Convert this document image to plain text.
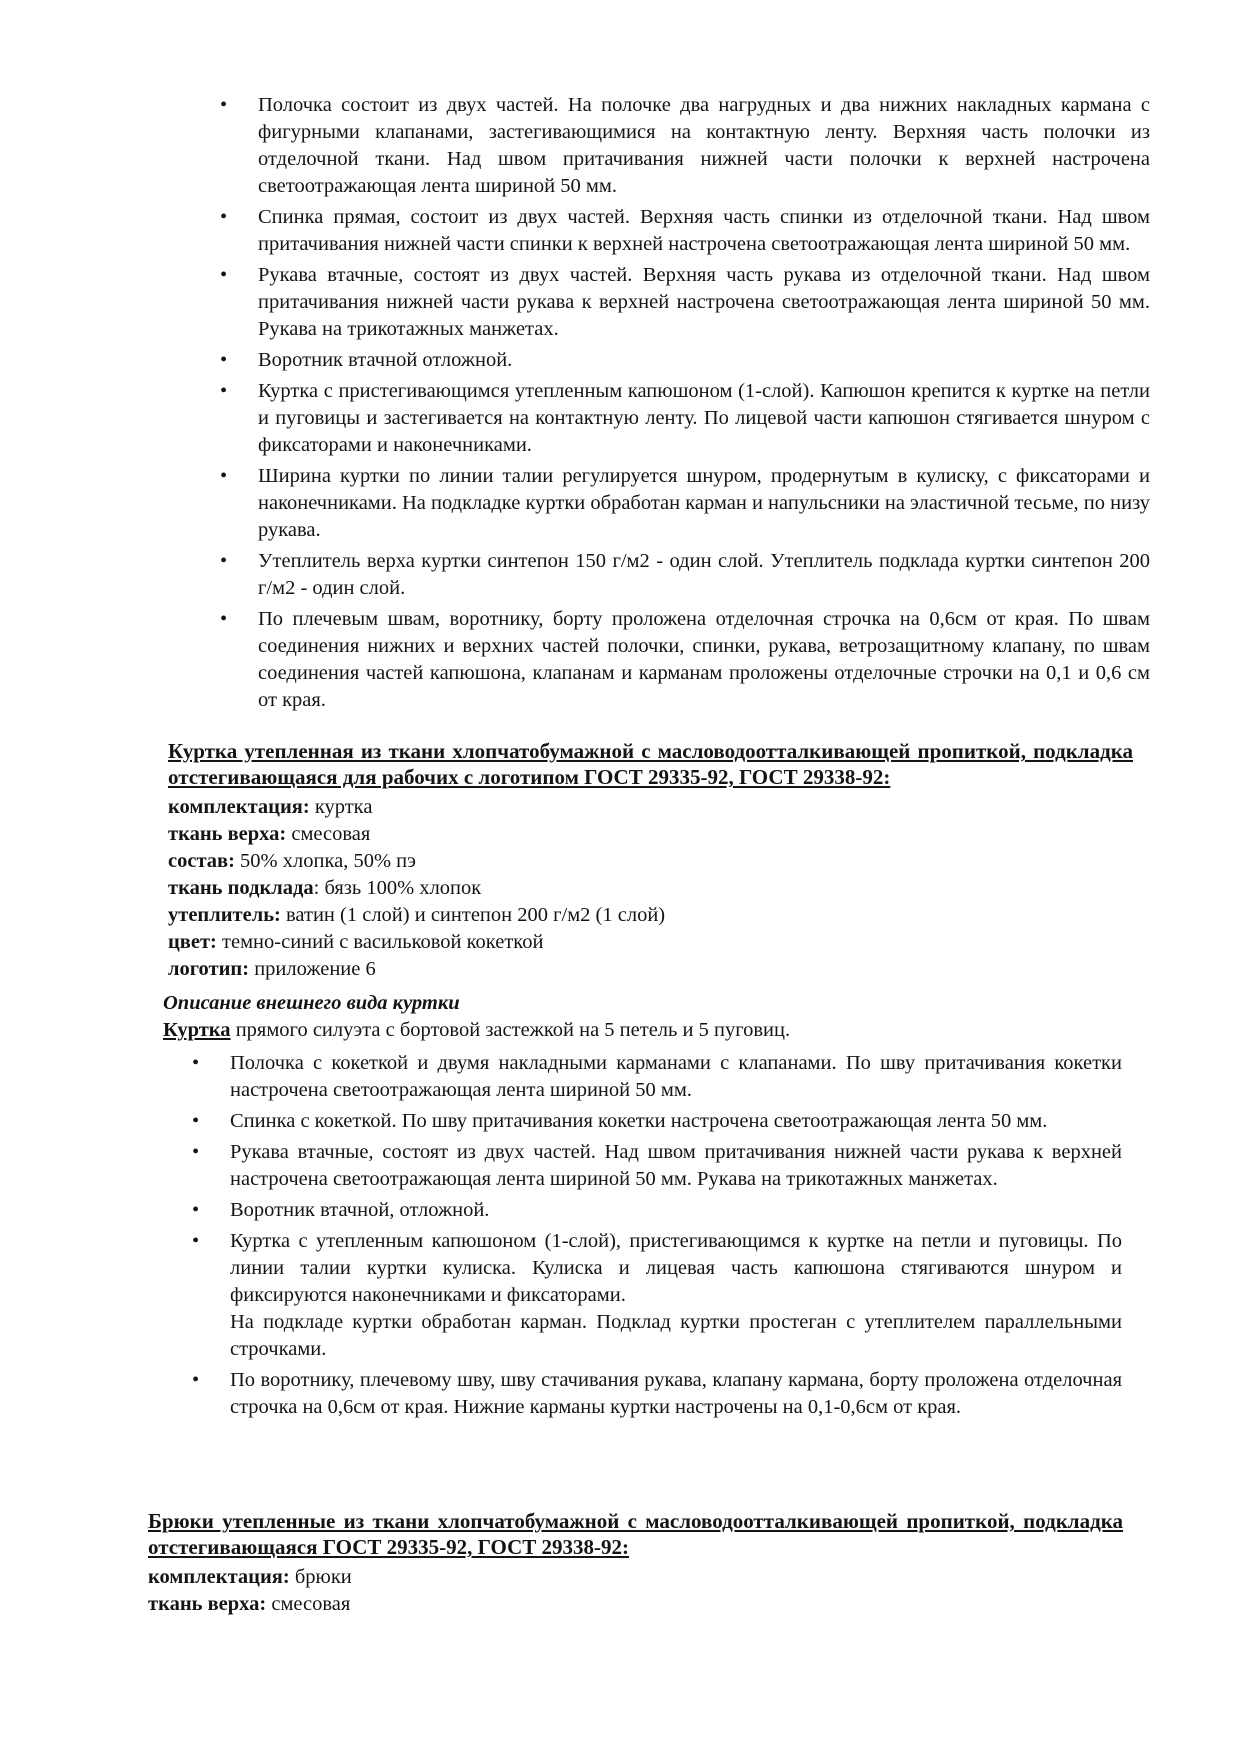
• Полочка состоит из двух частей. На полочке два нагрудных и два нижних накладных кармана с фигурными клапанами, застегивающимися на контактную ленту. Верхняя часть полочки из отделочной ткани. Над швом притачивания нижней части полочки к верхней настрочена светоотражающая лента шириной 50 мм.
• Спинка прямая, состоит из двух частей. Верхняя часть спинки из отделочной ткани. Над швом притачивания нижней части спинки к верхней настрочена светоотражающая лента шириной 50 мм.
• Рукава втачные, состоят из двух частей. Верхняя часть рукава из отделочной ткани. Над швом притачивания нижней части рукава к верхней настрочена светоотражающая лента шириной 50 мм. Рукава на трикотажных манжетах.
• Воротник втачной отложной.
• Куртка с пристегивающимся утепленным капюшоном (1-слой). Капюшон крепится к куртке на петли и пуговицы и застегивается на контактную ленту. По лицевой части капюшон стягивается шнуром с фиксаторами и наконечниками.
• Ширина куртки по линии талии регулируется шнуром, продернутым в кулиску, с фиксаторами и наконечниками. На подкладке куртки обработан карман и напульсники на эластичной тесьме, по низу рукава.
• Утеплитель верха куртки синтепон 150 г/м2 - один слой. Утеплитель подклада куртки синтепон 200 г/м2 - один слой.
• По плечевым швам, воротнику, борту проложена отделочная строчка на 0,6см от края. По швам соединения нижних и верхних частей полочки, спинки, рукава, ветрозащитному клапану, по швам соединения частей капюшона, клапанам и карманам проложены отделочные строчки на 0,1 и 0,6 см от края.

Куртка утепленная из ткани хлопчатобумажной с масловодоотталкивающей пропиткой, подкладка отстегивающаяся для рабочих с логотипом ГОСТ 29335-92, ГОСТ 29338-92:

комплектация: куртка
ткань верха: смесовая
состав: 50% хлопка, 50% пэ
ткань подклада: бязь 100% хлопок
утеплитель: ватин (1 слой) и синтепон 200 г/м2 (1 слой)
цвет: темно-синий с васильковой кокеткой
логотип: приложение 6

Описание внешнего вида куртки

Куртка прямого силуэта с бортовой застежкой на 5 петель и 5 пуговиц.

• Полочка с кокеткой и двумя накладными карманами с клапанами. По шву притачивания кокетки настрочена светоотражающая лента шириной 50 мм.
• Спинка с кокеткой. По шву притачивания кокетки настрочена светоотражающая лента 50 мм.
• Рукава втачные, состоят из двух частей. Над швом притачивания нижней части рукава к верхней настрочена светоотражающая лента шириной 50 мм. Рукава на трикотажных манжетах.
• Воротник втачной, отложной.
• Куртка с утепленным капюшоном (1-слой), пристегивающимся к куртке на петли и пуговицы. По линии талии куртки кулиска. Кулиска и лицевая часть капюшона стягиваются шнуром и фиксируются наконечниками и фиксаторами.
На подкладе куртки обработан карман. Подклад куртки простеган с утеплителем параллельными строчками.
• По воротнику, плечевому шву, шву стачивания рукава, клапану кармана, борту проложена отделочная строчка на 0,6см от края. Нижние карманы куртки настрочены на 0,1-0,6см от края.

Брюки утепленные из ткани хлопчатобумажной с масловодоотталкивающей пропиткой, подкладка отстегивающаяся ГОСТ 29335-92, ГОСТ 29338-92:

комплектация: брюки
ткань верха: смесовая
